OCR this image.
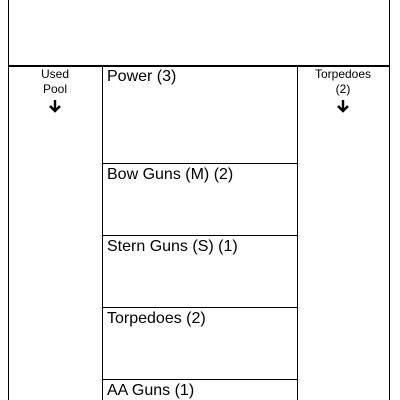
Used
Pool
Torpedoes
(2)
Power (3)
Bow Guns (M) (2)
Stern Guns (S) (1)
Torpedoes (2)
AA Guns (1)
